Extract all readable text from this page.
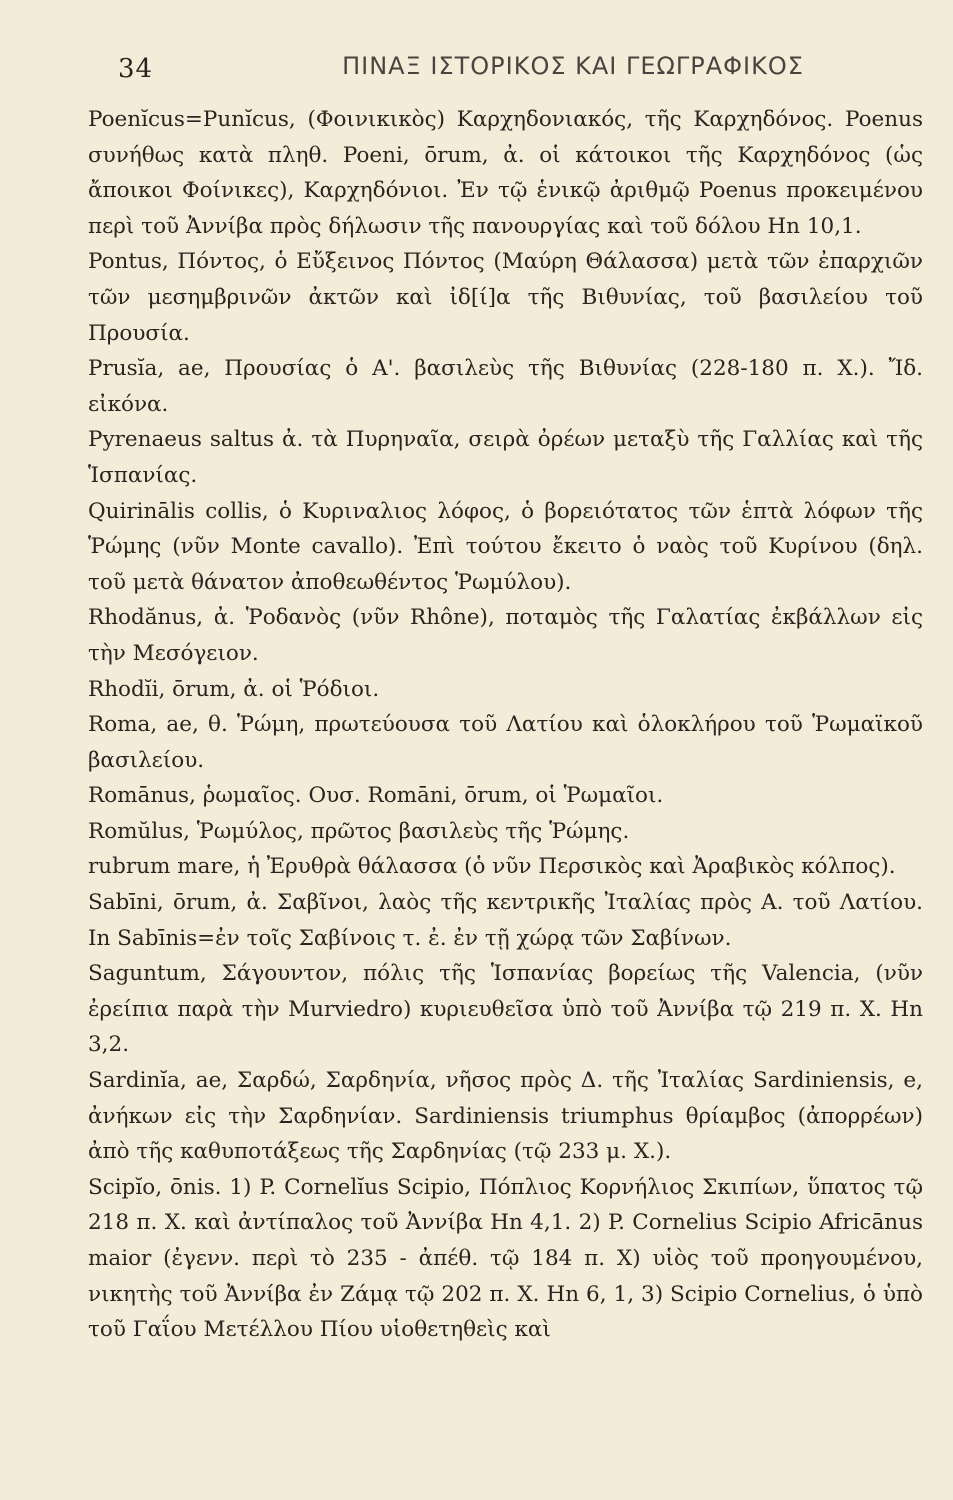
34	ΠΙΝΑΞ ΙΣΤΟΡΙΚΟΣ ΚΑΙ ΓΕΩΓΡΑΦΙΚΟΣ

Poenĭcus=Punĭcus, (Φοινικικὸς) Καρχηδονιακός, τῆς Καρχηδόνος. Poenus συνήθως κατὰ πληθ. Poeni, ōrum, ἀ. οἱ κάτοικοι τῆς Καρχηδόνος (ὡς ἄποικοι Φοίνικες), Καρχηδόνιοι. Ἐν τῷ ἑνικῷ ἀριθμῷ Poenus προκειμένου περὶ τοῦ Ἀννίβα πρὸς δήλωσιν τῆς πανουργίας καὶ τοῦ δόλου Hn 10,1.

Pontus, Πόντος, ὁ Εὔξεινος Πόντος (Μαύρη Θάλασσα) μετὰ τῶν ἐπαρχιῶν τῶν μεσημβρινῶν ἀκτῶν καὶ ἰδ[ί]α τῆς Βιθυνίας, τοῦ βασιλείου τοῦ Προυσία.

Prusĭa, ae, Προυσίας ὁ Α'. βασιλεὺς τῆς Βιθυνίας (228-180 π. Χ.). Ἴδ. εἰκόνα.

Pyrenaeus saltus ἀ. τὰ Πυρηναῖα, σειρὰ ὀρέων μεταξὺ τῆς Γαλλίας καὶ τῆς Ἱσπανίας.

Quirinālis collis, ὁ Κυριναλιος λόφος, ὁ βορειότατος τῶν ἑπτὰ λόφων τῆς Ῥώμης (νῦν Monte cavallo). Ἐπὶ τούτου ἔκειτο ὁ ναὸς τοῦ Κυρίνου (δηλ. τοῦ μετὰ θάνατον ἀποθεωθέντος Ῥωμύλου).

Rhodănus, ἀ. Ῥοδανὸς (νῦν Rhône), ποταμὸς τῆς Γαλατίας ἐκβάλλων εἰς τὴν Μεσόγειον.

Rhodĭi, ōrum, ἀ. οἱ Ῥόδιοι.

Roma, ae, θ. Ῥώμη, πρωτεύουσα τοῦ Λατίου καὶ ὁλοκλήρου τοῦ Ῥωμαϊκοῦ βασιλείου.

Romānus, ῥωμαῖος. Ουσ. Romāni, ōrum, οἱ Ῥωμαῖοι.

Romŭlus, Ῥωμύλος, πρῶτος βασιλεὺς τῆς Ῥώμης.

rubrum mare, ἡ Ἐρυθρὰ θάλασσα (ὁ νῦν Περσικὸς καὶ Ἀραβικὸς κόλπος).

Sabīni, ōrum, ἀ. Σαβῖνοι, λαὸς τῆς κεντρικῆς Ἰταλίας πρὸς Α. τοῦ Λατίου. In Sabīnis=ἐν τοῖς Σαβίνοις τ. ἐ. ἐν τῇ χώρᾳ τῶν Σαβίνων.

Saguntum, Σάγουντον, πόλις τῆς Ἱσπανίας βορείως τῆς Valencia, (νῦν ἐρείπια παρὰ τὴν Murviedro) κυριευθεῖσα ὑπὸ τοῦ Ἀννίβα τῷ 219 π. Χ. Hn 3,2.

Sardinĭa, ae, Σαρδώ, Σαρδηνία, νῆσος πρὸς Δ. τῆς Ἰταλίας Sardiniensis, e, ἀνήκων εἰς τὴν Σαρδηνίαν. Sardiniensis triumphus θρίαμβος (ἀπορρέων) ἀπὸ τῆς καθυποτάξεως τῆς Σαρδηνίας (τῷ 233 μ. Χ.).

Scipĭo, ōnis. 1) P. Cornelĭus Scipio, Πόπλιος Κορνήλιος Σκιπίων, ὕπατος τῷ 218 π. Χ. καὶ ἀντίπαλος τοῦ Ἀννίβα Hn 4,1. 2) P. Cornelius Scipio Africānus maior (ἐγενν. περὶ τὸ 235 - ἀπέθ. τῷ 184 π. Χ) υἱὸς τοῦ προηγουμένου, νικητὴς τοῦ Ἀννίβα ἐν Ζάμᾳ τῷ 202 π. Χ. Hn 6, 1, 3) Scipio Cornelius, ὁ ὑπὸ τοῦ Γαΐου Μετέλλου Πίου υἱοθετηθεὶς καὶ
